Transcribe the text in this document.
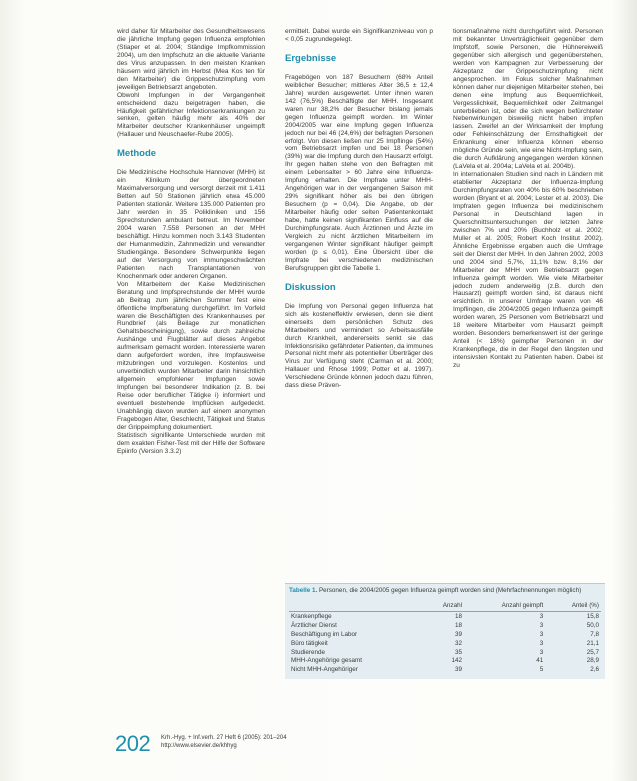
wird daher für Mitarbeiter des Gesundheitswesens die jährliche Impfung gegen Influenza empfohlen (Stiaper et al. 2004; Ständige Impfkommission 2004), um den Impfschutz an die aktuelle Variante des Virus anzupassen. In den meisten Kranken häusern wird jährlich im Herbst (Mea Kos ten für den Mitarbeiter) die Grippeschutzimpfung vom jeweiligen Betriebsarzt angeboten.

Obwohl Impfungen in der Vergangenheit entscheidend dazu beigetragen haben, die Häufigkeit gefährlicher Infektionserkrankungen zu senken, gelten häufig mehr als 40% der Mitarbeiter deutscher Krankenhäuser ungeimpft (Hallauer und Neuschaefer-Rube 2005).

Methode

Die Medizinische Hochschule Hannover (MHH) ist ein Klinikum der übergeordneten Maximalversorgung und versorgt derzeit mit 1.411 Betten auf 50 Stationen jährlich etwa 45.000 Patienten stationär. Weitere 135.000 Patienten pro Jahr werden in 35 Polikliniken und 156 Sprechstunden ambulant betreut. Im November 2004 waren 7.558 Personen an der MHH beschäftigt. Hinzu kommen noch 3.143 Studenten der Humanmedizin, Zahnmedizin und verwandter Studiengänge. Besondere Schwerpunkte liegen auf der Versorgung von immungeschwächten Patienten nach Transplantationen von Knochenmark oder anderen Organen.

Von Mitarbeitern der Kaise Medizinischen Beratung und Impfsprechstunde der MHH wurde ab Beitrag zum jährlichen Summer fest eine öffentliche Impfberatung durchgeführt. Im Vorfeld waren die Beschäftigten des Krankenhauses per Rundbrief (als Beilage zur monatlichen Gehaltsbescheinigung), sowie durch zahlreiche Aushänge und Flugblätter auf dieses Angebot aufmerksam gemacht worden. Interessierte waren dann aufgefordert worden, ihre Impfausweise mitzubringen und vorzulegen. Kostenlos und unverbindlich wurden Mitarbeiter darin hinsichtlich allgemein empfohlener Impfungen sowie Impfungen bei besonderer Indikation (z. B. bei Reise oder beruflicher Tätigke i) informiert und eventuell bestehende Impflücken aufgedeckt. Unabhängig davon wurden auf einem anonymen Fragebogen Alter, Geschlecht, Tätigkeit und Status der Grippeimpfung dokumentiert.

Statistisch signifikante Unterschiede wurden mit dem exakten Fisher-Test mit der Hilfe der Software Epiinfo (Version 3.3.2)

ermittelt. Dabei wurde ein Signifikanzniveau von p < 0,05 zugrundegelegt.

Ergebnisse

Fragebögen von 187 Besuchern (68% Anteil weiblicher Besucher; mittleres Alter 36,5 ± 12,4 Jahre) wurden ausgewertet. Unter ihnen waren 142 (76,5%) Beschäftigte der MHH. Insgesamt waren nur 38,2% der Besucher bislang jemals gegen Influenza geimpft worden. Im Winter 2004/2005 war eine Impfung gegen Influenza jedoch nur bei 46 (24,6%) der befragten Personen erfolgt. Von diesen ließen nur 25 Impflinge (54%) vom Betriebsarzt impfen und bei 18 Personen (39%) war die Impfung durch den Hausarzt erfolgt. Ihr gegen halten stehe von den Befragten mit einem Lebensalter > 60 Jahre eine Influenza-Impfung erhalten. Die Impfrate unter MHH-Angehörigen war in der vergangenen Saison mit 29% signifikant höher als bei den übrigen Besuchern (p = 0,04). Die Angabe, ob der Mitarbeiter häufig oder selten Patientenkontakt habe, hatte keinen signifikanten Einfluss auf die Durchimpfungsrate. Auch Ärztinnen und Ärzte im Vergleich zu nicht ärztlichen Mitarbeitern im vergangenen Winter signifikant häufiger geimpft worden (p ≤ 0,01). Eine Übersicht über die Impfrate bei verschiedenen medizinischen Berufsgruppen gibt die Tabelle 1.

Diskussion

Die Impfung von Personal gegen Influenza hat sich als kosteneffektiv erwiesen, denn sie dient einerseits dem persönlichen Schutz des Mitarbeiters und vermindert so Arbeitsausfälle durch Krankheit, andererseits senkt sie das Infektionsrisiko gefährdeter Patienten, da immunes Personal nicht mehr als potentieller Überträger des Virus zur Verfügung steht (Carman et al. 2000; Hallauer und Rhose 1999; Potter et al. 1997). Verschiedene Gründe können jedoch dazu führen, dass diese Präven-

tionsmaßnahme nicht durchgeführt wird. Personen mit bekannter Unverträglichkeit gegenüber dem Impfstoff, sowie Personen, die Hühnereiweiß gegenüber sich allergisch und gegenüberstehen, werden von Kampagnen zur Verbesserung der Akzeptanz der Grippeschutzimpfung nicht angesprochen. Im Fokus solcher Maßnahmen können daher nur diejenigen Mitarbeiter stehen, bei denen eine Impfung aus Bequemlichkeit, Vergesslichkeit, Bequemlichkeit oder Zeitmangel unterblieben ist, oder die sich wegen befürchteter Nebenwirkungen bisweilig nicht haben impfen lassen. Zweifel an der Wirksamkeit der Impfung oder Fehleinschätzung der Ernsthaftigkeit der Erkrankung einer Influenza können ebenso mögliche Gründe sein, wie eine Nicht-Impfung sein, die durch Aufklärung angegangen werden können (LaVela et al. 2004a; LaVela et al. 2004b).

In internationalen Studien sind nach in Ländern mit etablierter Akzeptanz der Influenza-Impfung Durchimpfungsraten von 40% bis 60% beschrieben worden (Bryant et al. 2004; Lester et al. 2003). Die Impfraten gegen Influenza bei medizinischem Personal in Deutschland lagen in Querschnittsuntersuchungen der letzten Jahre zwischen 7% und 20% (Buchholz et al. 2002; Muller et al. 2005; Robert Koch Institut 2002). Ähnliche Ergebnisse ergaben auch die Umfrage seit der Dienst der MHH. In den Jahren 2002, 2003 und 2004 sind 5,7%, 11,1% bzw. 8,1% der Mitarbeiter der MHH vom Betriebsarzt gegen Influenza geimpft worden. Wie viele Mitarbeiter jedoch zudem anderweitig (z.B. durch den Hausarzt) geimpft worden sind, ist daraus nicht ersichtlich. In unserer Umfrage waren von 46 Impflingen, die 2004/2005 gegen Influenza geimpft worden waren, 25 Personen vom Betriebsarzt und 18 weitere Mitarbeiter vom Hausarzt geimpft worden. Besonders bemerkenswert ist der geringe Anteil (< 18%) geimpfter Personen in der Krankenpflege, die in der Regel den längsten und intensivsten Kontakt zu Patienten haben. Dabei ist zu

Tabelle 1. Personen, die 2004/2005 gegen Influenza geimpft worden sind (Mehrfachnennungen möglich)
	Anzahl	Anzahl geimpft	Anteil (%)
Krankenpflege	18	3	15,8
Ärztlicher Dienst	18	3	50,0
Beschäftigung im Labor	39	3	7,8
Büro tätigkeit	32	3	21,1
Studierende	35	3	25,7
MHH-Angehörige gesamt	142	41	28,9
Nicht MHH-Angehöriger	39	5	2,6
202 Krh.-Hyg. + Inf.verh. 27 Heft 6 (2005): 201–204
http://www.elsevier.de/khhyg
